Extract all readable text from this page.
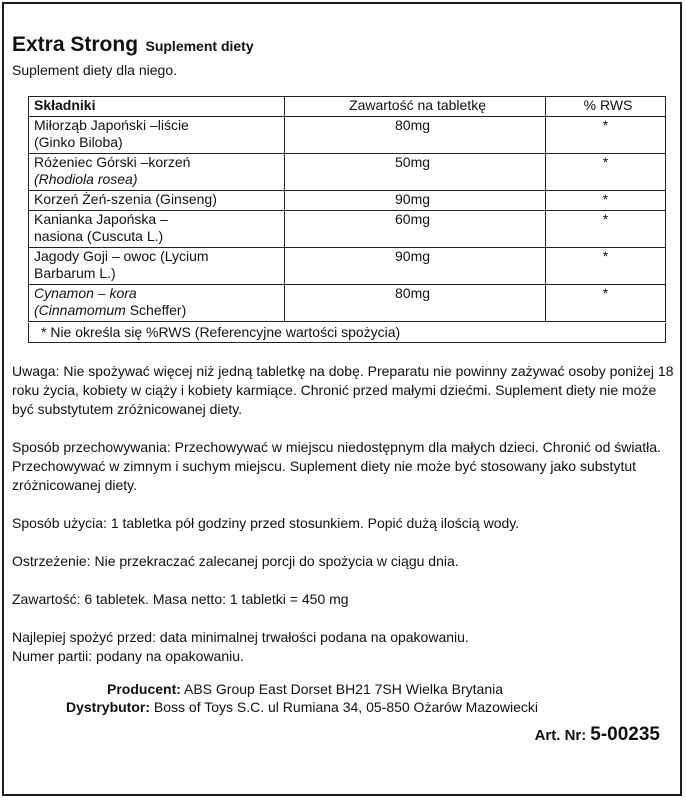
Extra Strong Suplement diety
Suplement diety dla niego.
Składniki	Zawartość na tabletkę	% RWS
Miłorząb Japoński –liście
(Ginko Biloba)	80mg	*
Różeniec Górski –korzeń
(Rhodiola rosea)	50mg	*
Korzeń Żeń-szenia (Ginseng)	90mg	*
Kanianka Japońska –
nasiona (Cuscuta L.)	60mg	*
Jagody Goji – owoc (Lycium
Barbarum L.)	90mg	*
Cynamon – kora
(Cinnamomum Scheffer)	80mg	*
* Nie określa się %RWS (Referencyjne wartości spożycia)
Uwaga: Nie spożywać więcej niż jedną tabletkę na dobę. Preparatu nie powinny zażywać osoby poniżej 18 roku życia, kobiety w ciąży i kobiety karmiące. Chronić przed małymi dziećmi. Suplement diety nie może być substytutem zróżnicowanej diety.
Sposób przechowywania: Przechowywać w miejscu niedostępnym dla małych dzieci. Chronić od światła. Przechowywać w zimnym i suchym miejscu. Suplement diety nie może być stosowany jako substytut zróżnicowanej diety.
Sposób użycia: 1 tabletka pół godziny przed stosunkiem. Popić dużą ilością wody.
Ostrzeżenie: Nie przekraczać zalecanej porcji do spożycia w ciągu dnia.
Zawartość: 6 tabletek. Masa netto: 1 tabletki = 450 mg
Najlepiej spożyć przed: data minimalnej trwałości podana na opakowaniu.
Numer partii: podany na opakowaniu.
Producent: ABS Group East Dorset BH21 7SH Wielka Brytania
Dystrybutor: Boss of Toys S.C. ul Rumiana 34, 05-850 Ożarów Mazowiecki
Art. Nr: 5-00235
